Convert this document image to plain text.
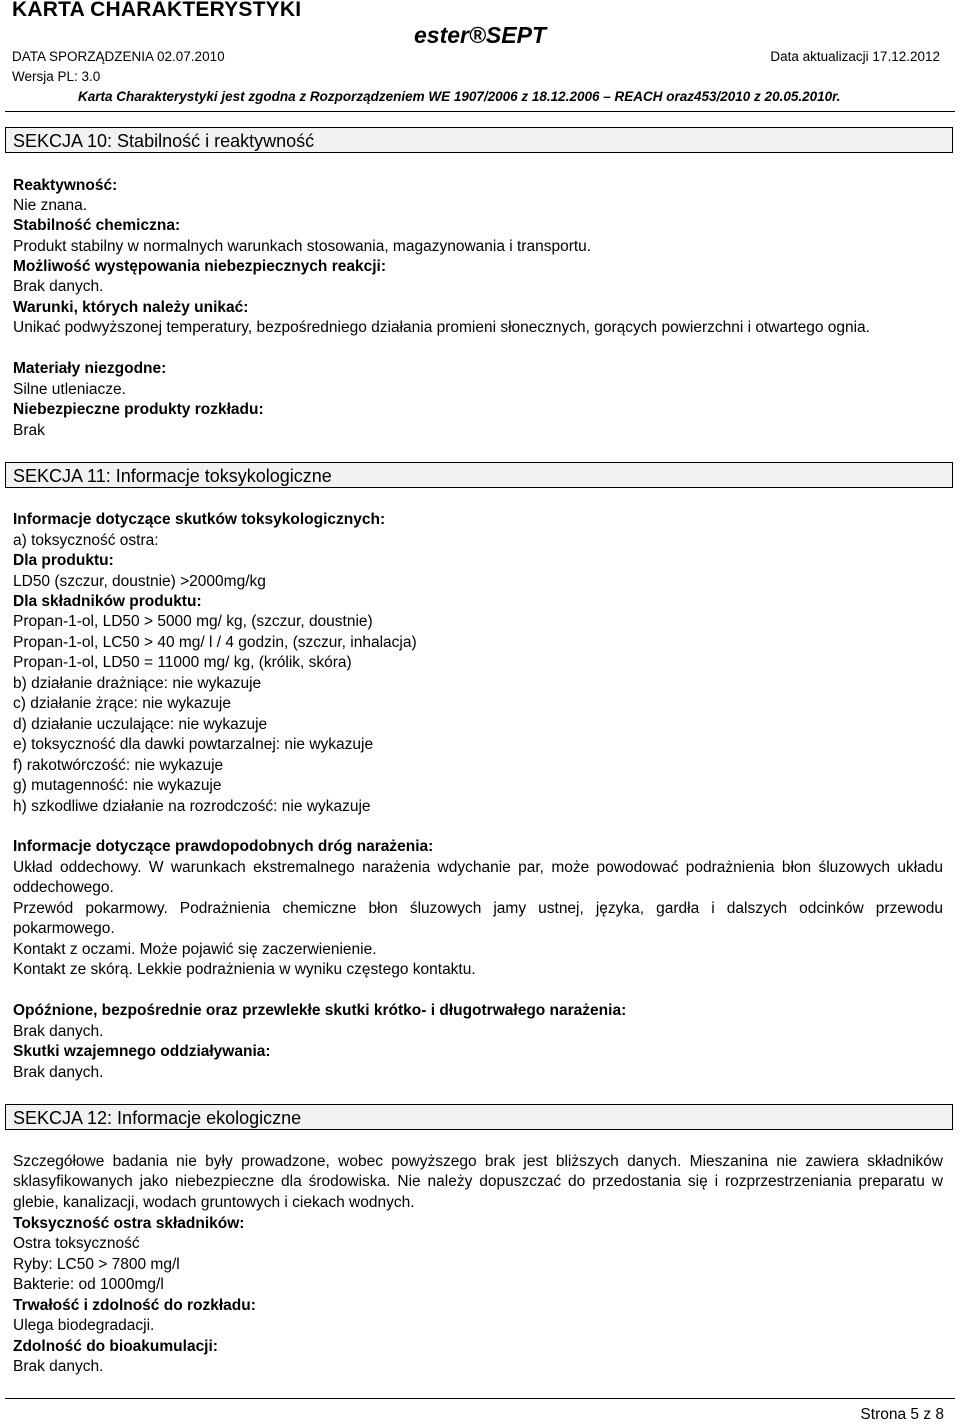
KARTA CHARAKTERYSTYKI
ester®SEPT
DATA SPORZĄDZENIA 02.07.2010	Data aktualizacji 17.12.2012
Wersja PL: 3.0
Karta Charakterystyki jest zgodna z Rozporządzeniem WE 1907/2006 z 18.12.2006 – REACH oraz453/2010 z 20.05.2010r.
SEKCJA 10: Stabilność i reaktywność
Reaktywność:
Nie znana.
Stabilność chemiczna:
Produkt stabilny w normalnych warunkach stosowania, magazynowania i transportu.
Możliwość występowania niebezpiecznych reakcji:
Brak danych.
Warunki, których należy unikać:
Unikać podwyższonej temperatury, bezpośredniego działania promieni słonecznych, gorących powierzchni i otwartego ognia.
Materiały niezgodne:
Silne utleniacze.
Niebezpieczne produkty rozkładu:
Brak
SEKCJA 11: Informacje toksykologiczne
Informacje dotyczące skutków toksykologicznych:
a) toksyczność ostra:
Dla produktu:
LD50 (szczur, doustnie) >2000mg/kg
Dla składników produktu:
Propan-1-ol, LD50 > 5000 mg/ kg, (szczur, doustnie)
Propan-1-ol, LC50 > 40 mg/ l / 4 godzin, (szczur, inhalacja)
Propan-1-ol, LD50 = 11000 mg/ kg, (królik, skóra)
b) działanie drażniące: nie wykazuje
c) działanie żrące: nie wykazuje
d) działanie uczulające: nie wykazuje
e) toksyczność dla dawki powtarzalnej: nie wykazuje
f) rakotwórczość: nie wykazuje
g) mutagenność: nie wykazuje
h) szkodliwe działanie na rozrodczość: nie wykazuje
Informacje dotyczące prawdopodobnych dróg narażenia:
Układ oddechowy. W warunkach ekstremalnego narażenia wdychanie par, może powodować podrażnienia błon śluzowych układu oddechowego.
Przewód pokarmowy. Podrażnienia chemiczne błon śluzowych jamy ustnej, języka, gardła i dalszych odcinków przewodu pokarmowego.
Kontakt z oczami. Może pojawić się zaczerwienienie.
Kontakt ze skórą. Lekkie podrażnienia w wyniku częstego kontaktu.
Opóźnione, bezpośrednie oraz przewlekłe skutki krótko- i długotrwałego narażenia:
Brak danych.
Skutki wzajemnego oddziaływania:
Brak danych.
SEKCJA 12: Informacje ekologiczne
Szczegółowe badania nie były prowadzone, wobec powyższego brak jest bliższych danych. Mieszanina nie zawiera składników sklasyfikowanych jako niebezpieczne dla środowiska. Nie należy dopuszczać do przedostania się i rozprzestrzeniania preparatu w glebie, kanalizacji, wodach gruntowych i ciekach wodnych.
Toksyczność ostra składników:
Ostra toksyczność
Ryby: LC50 > 7800 mg/l
Bakterie: od 1000mg/l
Trwałość i zdolność do rozkładu:
Ulega biodegradacji.
Zdolność do bioakumulacji:
Brak danych.
Strona 5 z 8
